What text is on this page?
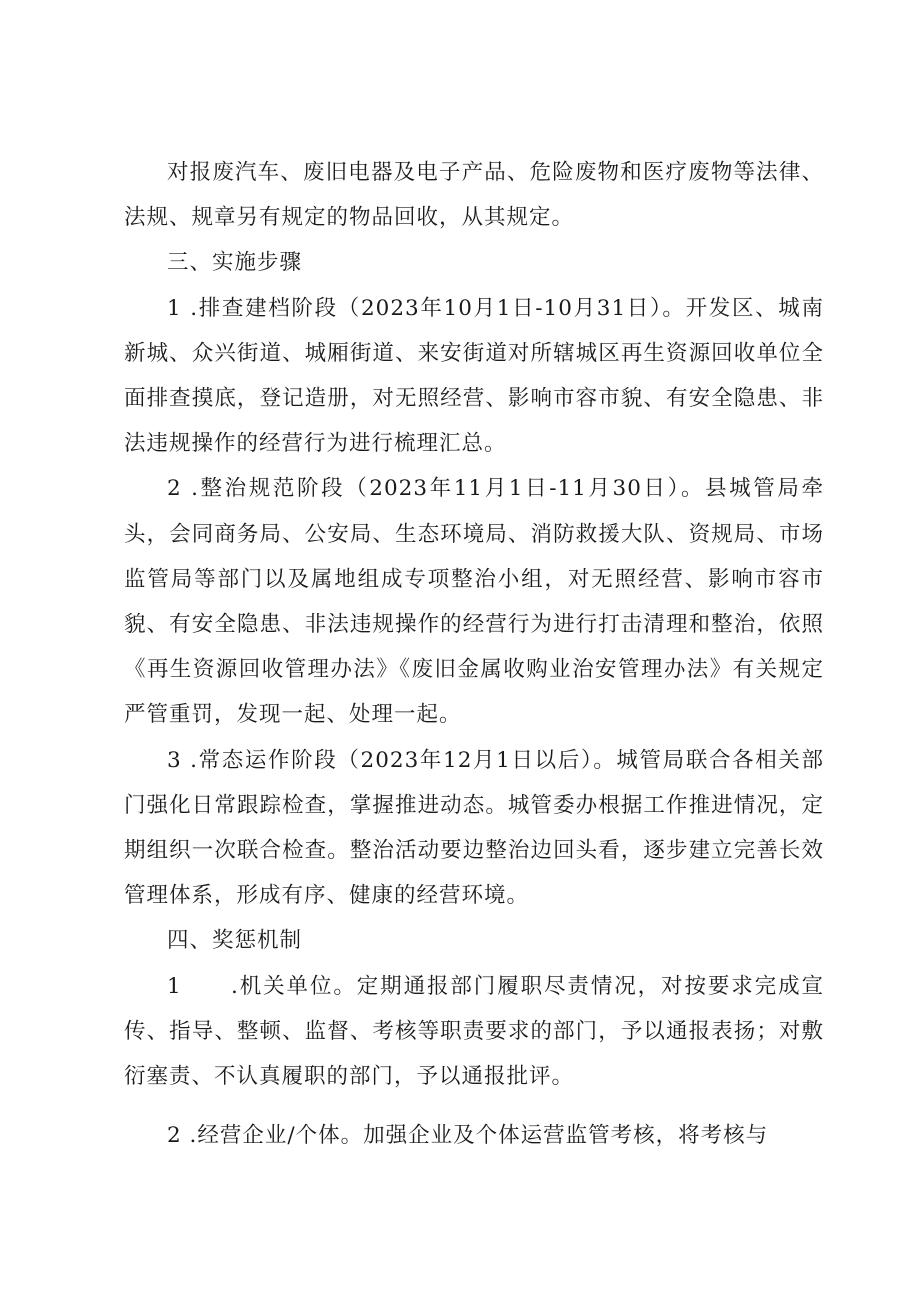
对报废汽车、废旧电器及电子产品、危险废物和医疗废物等法律、法规、规章另有规定的物品回收，从其规定。

三、实施步骤

1 .排查建档阶段（2023年10月1日-10月31日）。开发区、城南新城、众兴街道、城厢街道、来安街道对所辖城区再生资源回收单位全面排查摸底，登记造册，对无照经营、影响市容市貌、有安全隐患、非法违规操作的经营行为进行梳理汇总。

2 .整治规范阶段（2023年11月1日-11月30日）。县城管局牵头，会同商务局、公安局、生态环境局、消防救援大队、资规局、市场监管局等部门以及属地组成专项整治小组，对无照经营、影响市容市貌、有安全隐患、非法违规操作的经营行为进行打击清理和整治，依照《再生资源回收管理办法》《废旧金属收购业治安管理办法》有关规定严管重罚，发现一起、处理一起。

3 .常态运作阶段（2023年12月1日以后）。城管局联合各相关部门强化日常跟踪检查，掌握推进动态。城管委办根据工作推进情况，定期组织一次联合检查。整治活动要边整治边回头看，逐步建立完善长效管理体系，形成有序、健康的经营环境。

四、奖惩机制

1 .机关单位。定期通报部门履职尽责情况，对按要求完成宣传、指导、整顿、监督、考核等职责要求的部门，予以通报表扬；对敷衍塞责、不认真履职的部门，予以通报批评。

2 .经营企业/个体。加强企业及个体运营监管考核，将考核与
